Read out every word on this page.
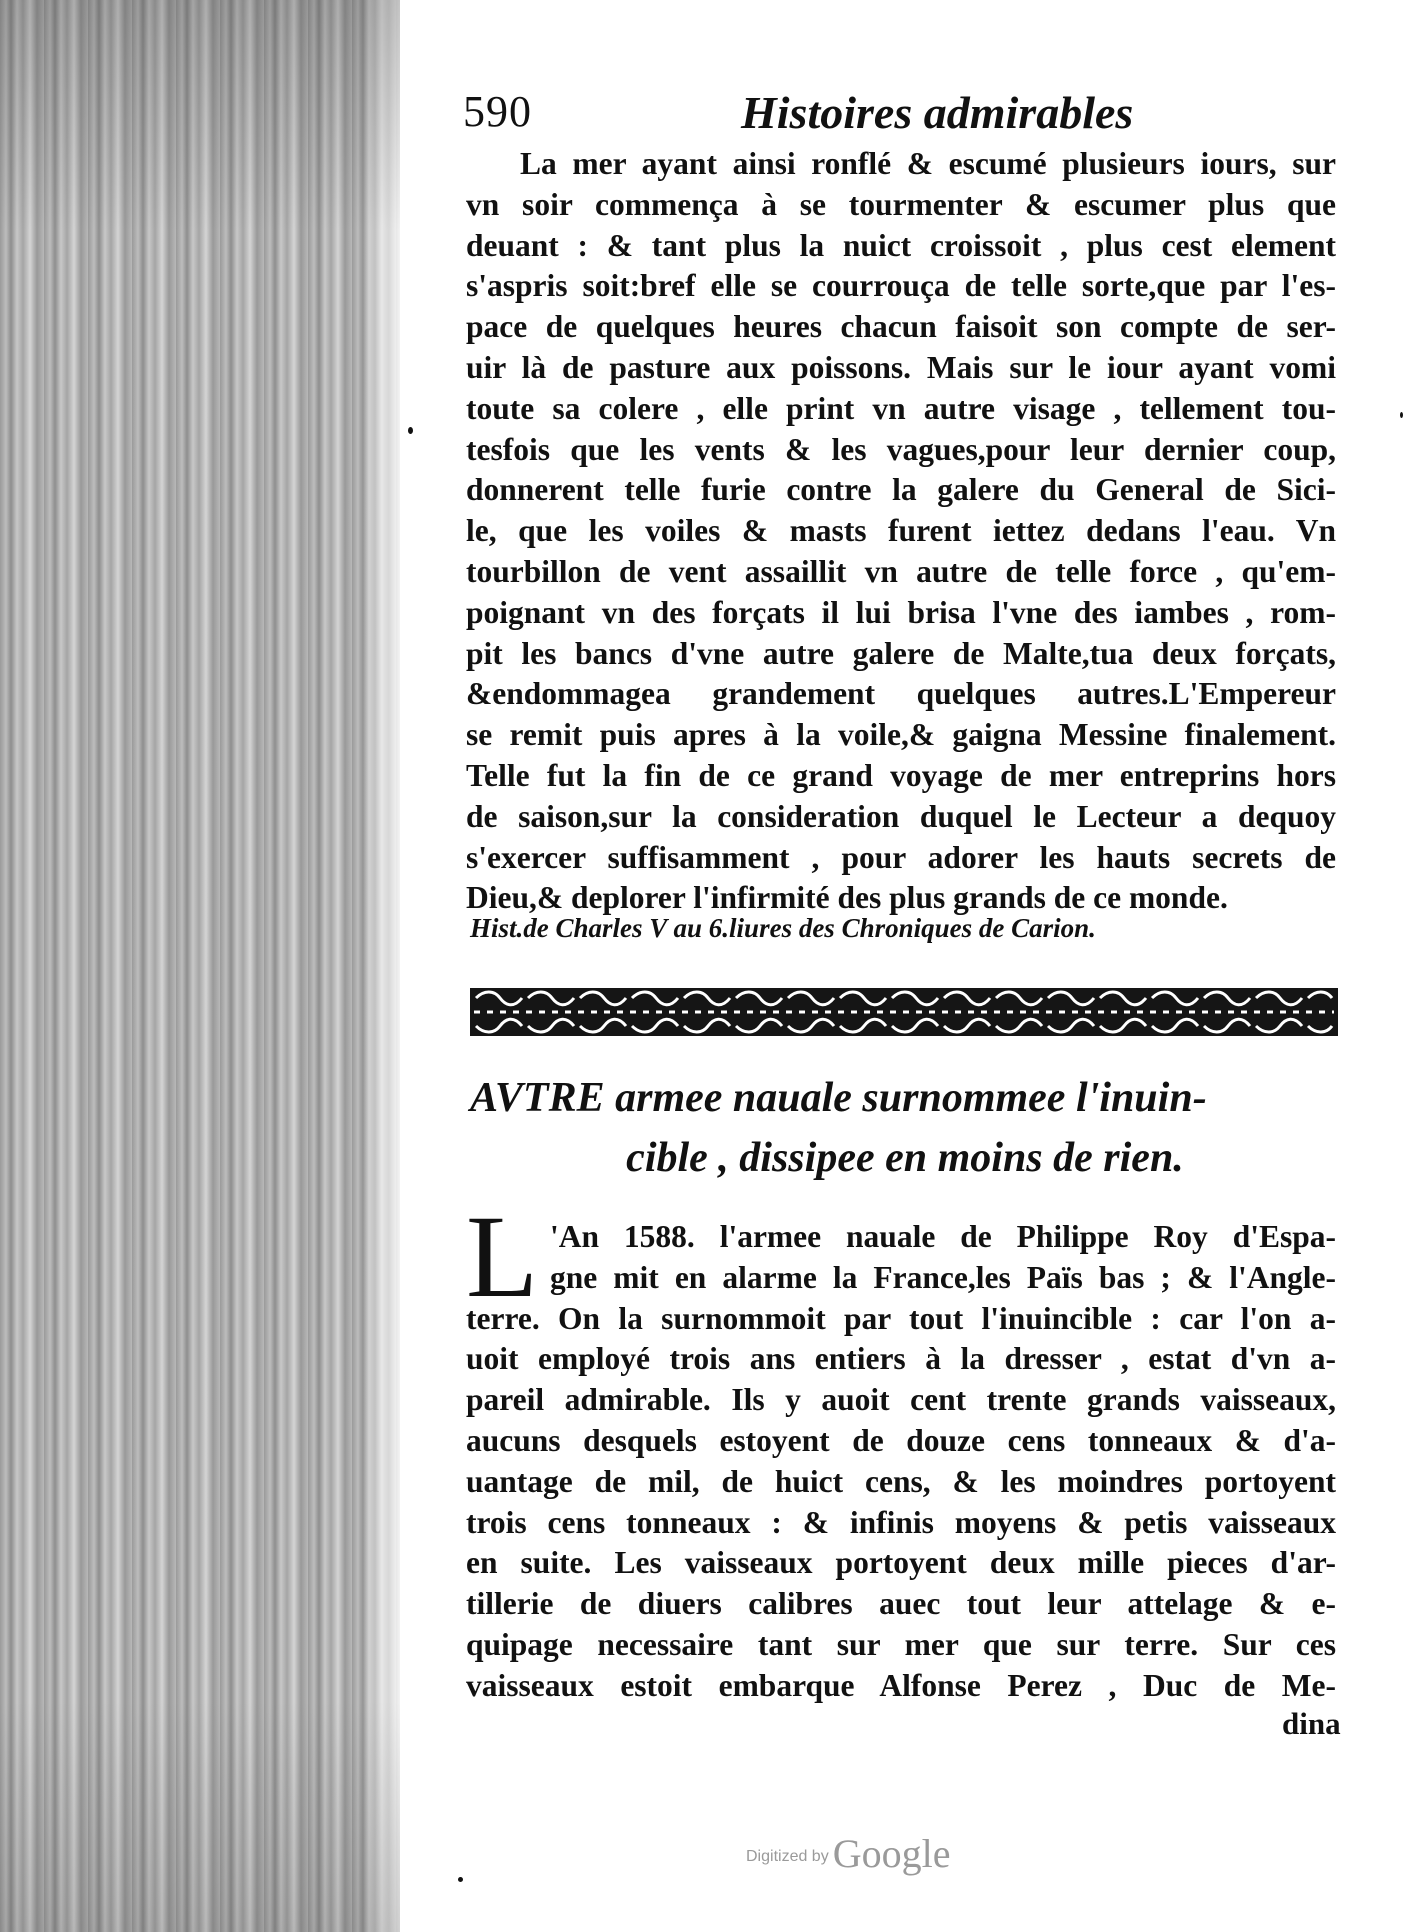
590	Histoires admirables
La mer ayant ainsi ronflé & escumé plusieurs iours, sur
vn soir commença à se tourmenter & escumer plus que
deuant : & tant plus la nuict croissoit , plus cest element
s'aspris soit:bref elle se courrouça de telle sorte,que par l'es-
pace de quelques heures chacun faisoit son compte de ser-
uir là de pasture aux poissons. Mais sur le iour ayant vomi
toute sa colere , elle print vn autre visage , tellement tou-
tesfois que les vents & les vagues,pour leur dernier coup,
donnerent telle furie contre la galere du General de Sici-
le, que les voiles & masts furent iettez dedans l'eau. Vn
tourbillon de vent assaillit vn autre de telle force , qu'em-
poignant vn des forçats il lui brisa l'vne des iambes , rom-
pit les bancs d'vne autre galere de Malte,tua deux forçats,
&endommagea grandement quelques autres.L'Empereur
se remit puis apres à la voile,& gaigna Messine finalement.
Telle fut la fin de ce grand voyage de mer entreprins hors
de saison,sur la consideration duquel le Lecteur a dequoy
s'exercer suffisamment , pour adorer les hauts secrets de
Dieu,& deplorer l'infirmité des plus grands de ce monde.
Hist.de Charles V au 6.liures des Chroniques de Carion.
AVTRE armee nauale surnommee l'inuin-
cible , dissipee en moins de rien.
L 'An 1588. l'armee nauale de Philippe Roy d'Espa-
gne mit en alarme la France,les Païs bas ; & l'Angle-
terre. On la surnommoit par tout l'inuincible : car l'on a-
uoit employé trois ans entiers à la dresser , estat d'vn a-
pareil admirable. Ils y auoit cent trente grands vaisseaux,
aucuns desquels estoyent de douze cens tonneaux & d'a-
uantage de mil, de huict cens, & les moindres portoyent
trois cens tonneaux : & infinis moyens & petis vaisseaux
en suite. Les vaisseaux portoyent deux mille pieces d'ar-
tillerie de diuers calibres auec tout leur attelage & e-
quipage necessaire tant sur mer que sur terre. Sur ces
vaisseaux estoit embarque Alfonse Perez , Duc de Me-
dina
Digitized by Google
